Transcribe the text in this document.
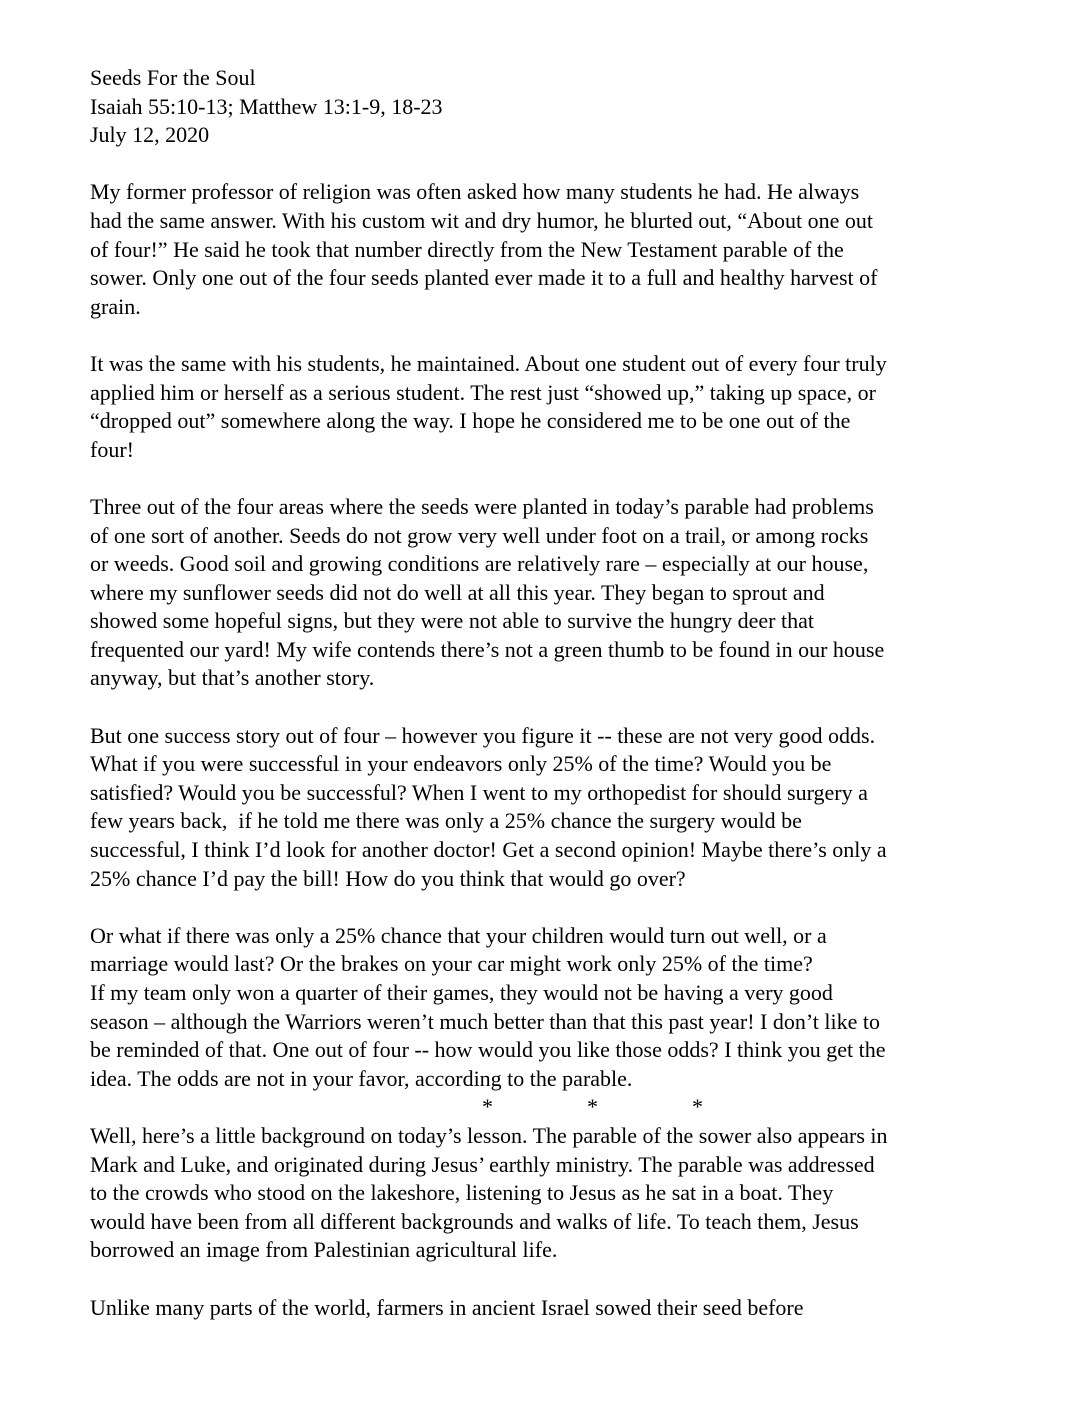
Seeds For the Soul
Isaiah 55:10-13; Matthew 13:1-9, 18-23
July 12, 2020
My former professor of religion was often asked how many students he had. He always
had the same answer. With his custom wit and dry humor, he blurted out, “About one out
of four!” He said he took that number directly from the New Testament parable of the
sower. Only one out of the four seeds planted ever made it to a full and healthy harvest of
grain.
It was the same with his students, he maintained. About one student out of every four truly
applied him or herself as a serious student. The rest just “showed up,” taking up space, or
“dropped out” somewhere along the way. I hope he considered me to be one out of the
four!
Three out of the four areas where the seeds were planted in today’s parable had problems
of one sort of another. Seeds do not grow very well under foot on a trail, or among rocks
or weeds. Good soil and growing conditions are relatively rare – especially at our house,
where my sunflower seeds did not do well at all this year. They began to sprout and
showed some hopeful signs, but they were not able to survive the hungry deer that
frequented our yard! My wife contends there’s not a green thumb to be found in our house
anyway, but that’s another story.
But one success story out of four – however you figure it -- these are not very good odds.
What if you were successful in your endeavors only 25% of the time? Would you be
satisfied? Would you be successful? When I went to my orthopedist for should surgery a
few years back,  if he told me there was only a 25% chance the surgery would be
successful, I think I’d look for another doctor! Get a second opinion! Maybe there’s only a
25% chance I’d pay the bill! How do you think that would go over?
Or what if there was only a 25% chance that your children would turn out well, or a
marriage would last? Or the brakes on your car might work only 25% of the time?
If my team only won a quarter of their games, they would not be having a very good
season – although the Warriors weren’t much better than that this past year! I don’t like to
be reminded of that. One out of four -- how would you like those odds? I think you get the
idea. The odds are not in your favor, according to the parable.
*    *    *
Well, here’s a little background on today’s lesson. The parable of the sower also appears in
Mark and Luke, and originated during Jesus’ earthly ministry. The parable was addressed
to the crowds who stood on the lakeshore, listening to Jesus as he sat in a boat. They
would have been from all different backgrounds and walks of life. To teach them, Jesus
borrowed an image from Palestinian agricultural life.
Unlike many parts of the world, farmers in ancient Israel sowed their seed before
